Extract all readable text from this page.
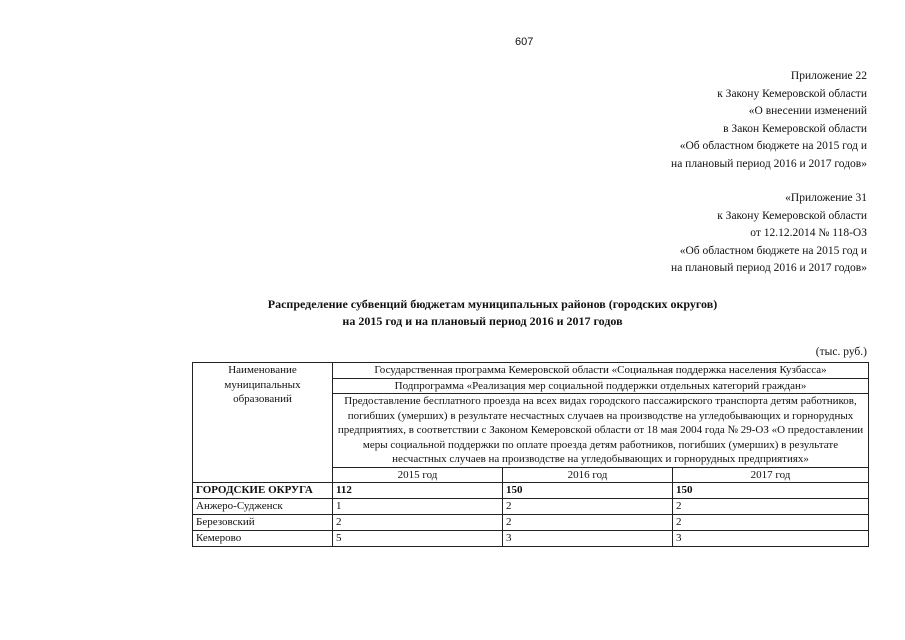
607
Приложение 22
к Закону Кемеровской области
«О внесении изменений
в Закон Кемеровской области
«Об областном бюджете на 2015 год и
на плановый период 2016 и 2017 годов»
«Приложение 31
к Закону Кемеровской области
от 12.12.2014 № 118-ОЗ
«Об областном бюджете на 2015 год и
на плановый период 2016 и 2017 годов»
Распределение субвенций бюджетам муниципальных районов (городских округов)
на 2015 год и на плановый период 2016 и 2017 годов
(тыс. руб.)
Наименование муниципальных образований	Государственная программа Кемеровской области «Социальная поддержка населения Кузбасса»		
	Подпрограмма «Реализация мер социальной поддержки отдельных категорий граждан»		
	Предоставление бесплатного проезда на всех видах городского пассажирского транспорта детям работников, погибших (умерших) в результате несчастных случаев на производстве на угледобывающих и горнорудных предприятиях, в соответствии с Законом Кемеровской области от 18 мая 2004 года № 29-ОЗ «О предоставлении меры социальной поддержки по оплате проезда детям работников, погибших (умерших) в результате несчастных случаев на производстве на угледобывающих и горнорудных предприятиях»		
	2015 год	2016 год	2017 год
ГОРОДСКИЕ ОКРУГА	112	150	150
Анжеро-Судженск	1	2	2
Березовский	2	2	2
Кемерово	5	3	3
